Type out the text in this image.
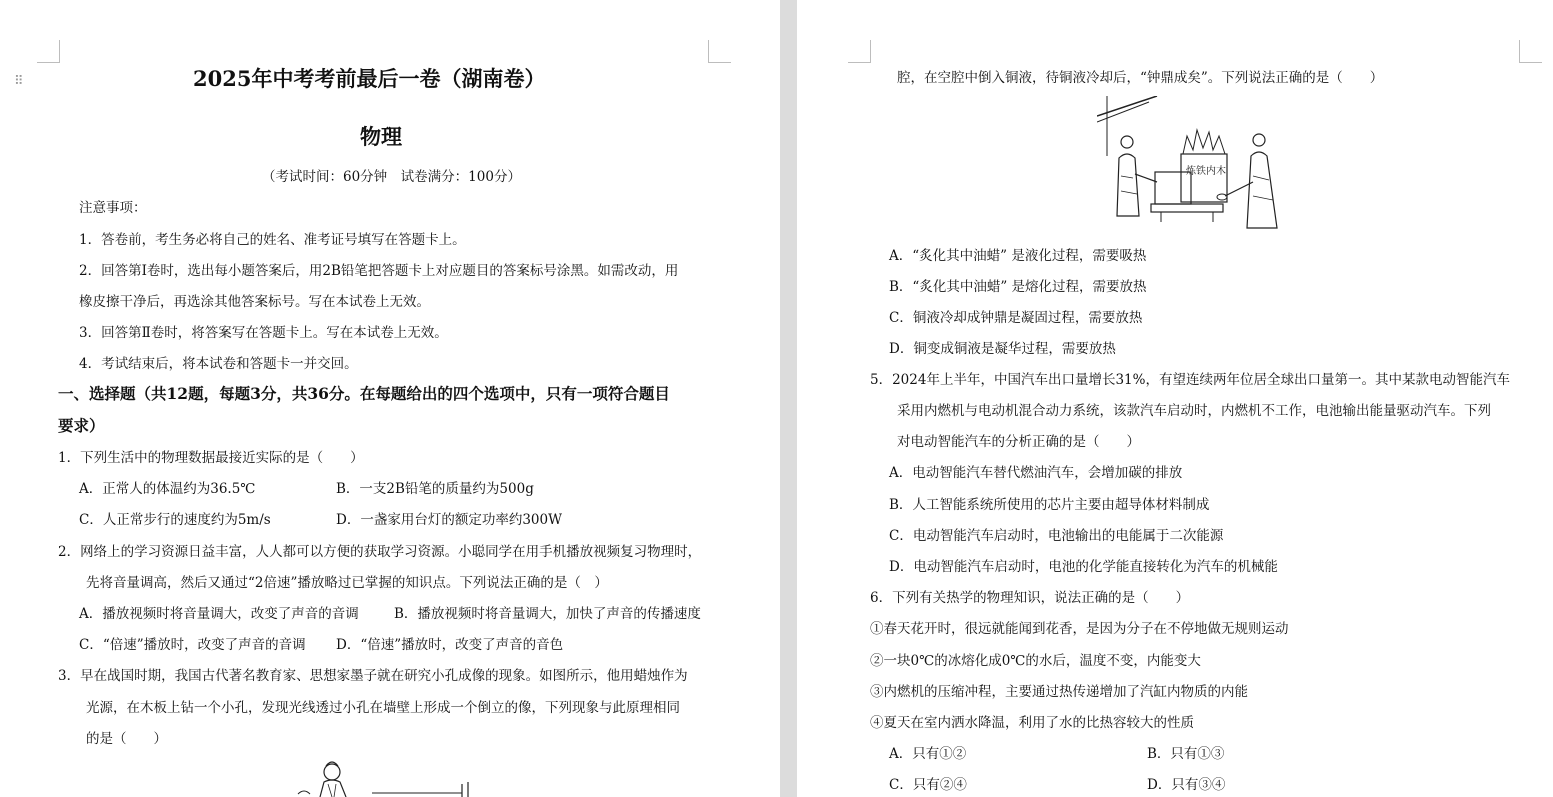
⠿	2025年中考考前最后一卷（湖南卷）
物理
（考试时间：60分钟　试卷满分：100分）
注意事项：
1．答卷前，考生务必将自己的姓名、准考证号填写在答题卡上。
2．回答第Ⅰ卷时，选出每小题答案后，用2B铅笔把答题卡上对应题目的答案标号涂黑。如需改动，用
橡皮擦干净后，再选涂其他答案标号。写在本试卷上无效。
3．回答第Ⅱ卷时，将答案写在答题卡上。写在本试卷上无效。
4．考试结束后，将本试卷和答题卡一并交回。
一、选择题（共12题，每题3分，共36分。在每题给出的四个选项中，只有一项符合题目
要求）
1．下列生活中的物理数据最接近实际的是（　　）
A．正常人的体温约为36.5℃	B．一支2B铅笔的质量约为500g
C．人正常步行的速度约为5m/s	D．一盏家用台灯的额定功率约300W
2．网络上的学习资源日益丰富，人人都可以方便的获取学习资源。小聪同学在用手机播放视频复习物理时，
先将音量调高，然后又通过“2倍速”播放略过已掌握的知识点。下列说法正确的是（　）
A．播放视频时将音量调大，改变了声音的音调	B．播放视频时将音量调大，加快了声音的传播速度
C．“倍速”播放时，改变了声音的音调 D．“倍速”播放时，改变了声音的音色
3．早在战国时期，我国古代著名教育家、思想家墨子就在研究小孔成像的现象。如图所示，他用蜡烛作为
光源，在木板上钻一个小孔，发现光线透过小孔在墙壁上形成一个倒立的像，下列现象与此原理相同
的是（　　）
腔，在空腔中倒入铜液，待铜液冷却后，“钟鼎成矣”。下列说法正确的是（　　）
炼铁内木
A．“炙化其中油蜡” 是液化过程，需要吸热
B．“炙化其中油蜡” 是熔化过程，需要放热
C．铜液冷却成钟鼎是凝固过程，需要放热
D．铜变成铜液是凝华过程，需要放热
5．2024年上半年，中国汽车出口量增长31%，有望连续两年位居全球出口量第一。其中某款电动智能汽车
采用内燃机与电动机混合动力系统，该款汽车启动时，内燃机不工作，电池输出能量驱动汽车。下列
对电动智能汽车的分析正确的是（　　）
A．电动智能汽车替代燃油汽车，会增加碳的排放
B．人工智能系统所使用的芯片主要由超导体材料制成
C．电动智能汽车启动时，电池输出的电能属于二次能源
D．电动智能汽车启动时，电池的化学能直接转化为汽车的机械能
6．下列有关热学的物理知识，说法正确的是（　　）
①春天花开时，很远就能闻到花香，是因为分子在不停地做无规则运动
②一块0℃的冰熔化成0℃的水后，温度不变，内能变大
③内燃机的压缩冲程，主要通过热传递增加了汽缸内物质的内能
④夏天在室内洒水降温，利用了水的比热容较大的性质
A．只有①②	B．只有①③
C．只有②④	D．只有③④
